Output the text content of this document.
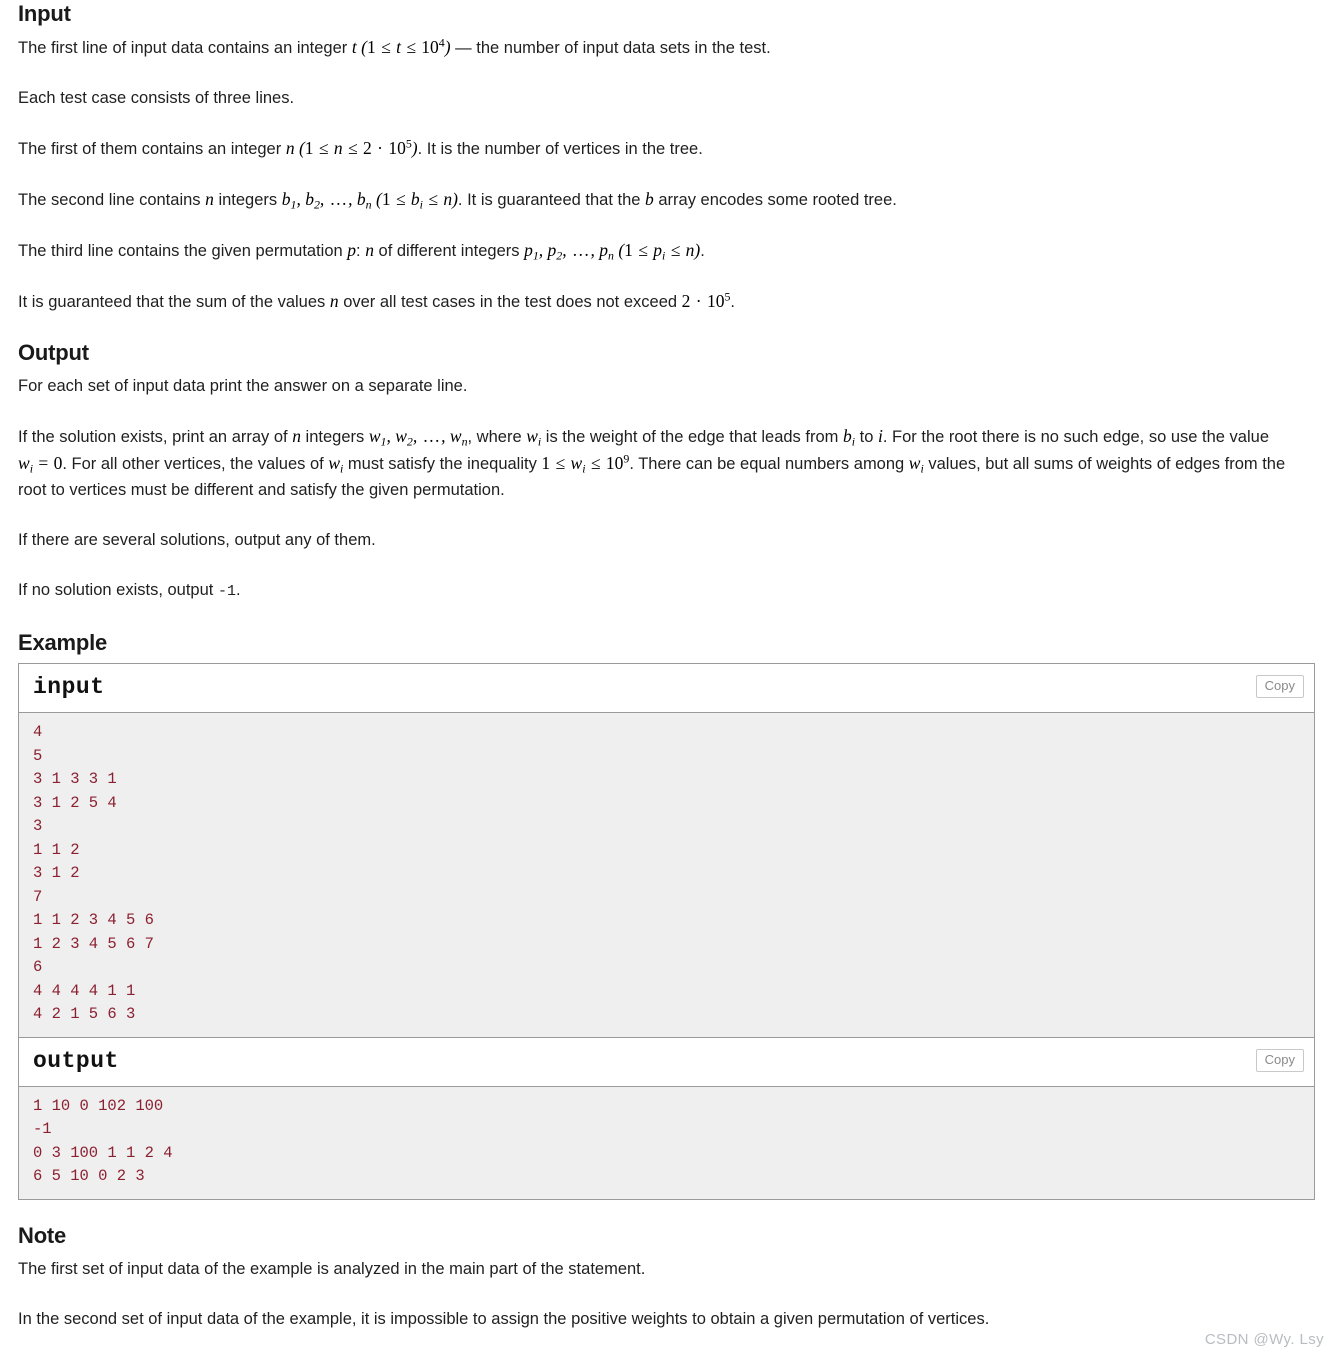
Input

The first line of input data contains an integer t $(1 \le t \le 10^4)$ — the number of input data sets in the test.

Each test case consists of three lines.

The first of them contains an integer n $(1 \le n \le 2 \cdot 10^5)$. It is the number of vertices in the tree.

The second line contains n integers $b_1$, $b_2$, …, $b_n$ $(1 \le b_i \le n)$. It is guaranteed that the b array encodes some rooted tree.

The third line contains the given permutation p: n of different integers $p_1$, $p_2$, …, $p_n$ $(1 \le p_i \le n)$.

It is guaranteed that the sum of the values n over all test cases in the test does not exceed $2 \cdot 10^5$.

Output

For each set of input data print the answer on a separate line.

If the solution exists, print an array of n integers $w_1$, $w_2$, …, $w_n$, where $w_i$ is the weight of the edge that leads from $b_i$ to i. For the root there is no such edge, so use the value $w_i = 0$. For all other vertices, the values of $w_i$ must satisfy the inequality $1 \le w_i \le 10^9$. There can be equal numbers among $w_i$ values, but all sums of weights of edges from the root to vertices must be different and satisfy the given permutation.

If there are several solutions, output any of them.

If no solution exists, output -1.

Example
input	Copy
4
5
3 1 3 3 1
3 1 2 5 4
3
1 1 2
3 1 2
7
1 1 2 3 4 5 6
1 2 3 4 5 6 7
6
4 4 4 4 1 1
4 2 1 5 6 3
output	Copy
1 10 0 102 100
-1
0 3 100 1 1 2 4
6 5 10 0 2 3
Note

The first set of input data of the example is analyzed in the main part of the statement.

In the second set of input data of the example, it is impossible to assign the positive weights to obtain a given permutation of vertices.

CSDN @Wy. Lsy
